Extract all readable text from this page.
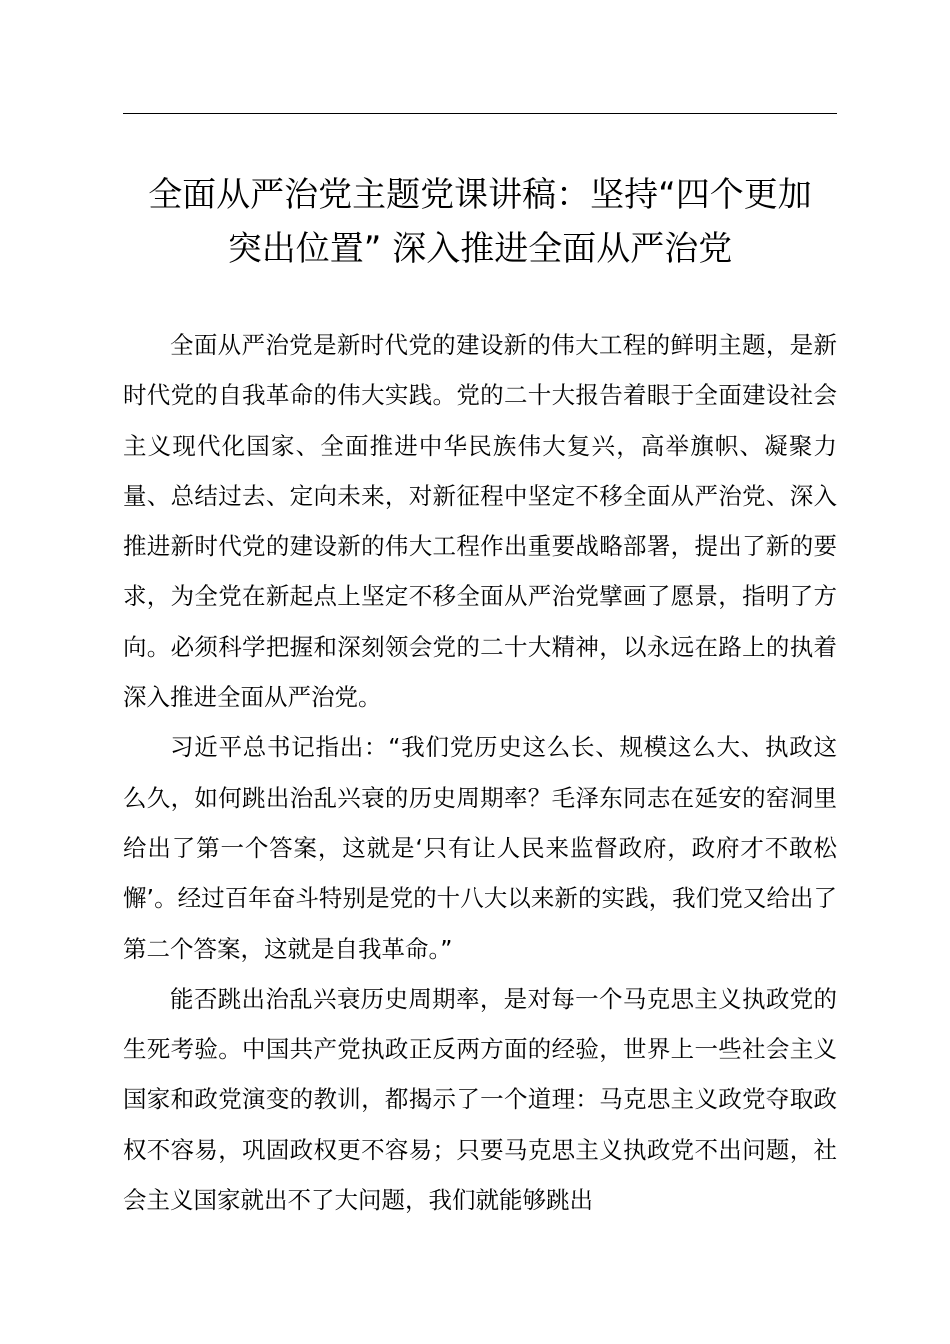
全面从严治党主题党课讲稿：坚持“四个更加
突出位置” 深入推进全面从严治党

全面从严治党是新时代党的建设新的伟大工程的鲜明主题，是新时代党的自我革命的伟大实践。党的二十大报告着眼于全面建设社会主义现代化国家、全面推进中华民族伟大复兴，高举旗帜、凝聚力量、总结过去、定向未来，对新征程中坚定不移全面从严治党、深入推进新时代党的建设新的伟大工程作出重要战略部署，提出了新的要求，为全党在新起点上坚定不移全面从严治党擘画了愿景，指明了方向。必须科学把握和深刻领会党的二十大精神，以永远在路上的执着深入推进全面从严治党。

习近平总书记指出：“我们党历史这么长、规模这么大、执政这么久，如何跳出治乱兴衰的历史周期率？毛泽东同志在延安的窑洞里给出了第一个答案，这就是‘只有让人民来监督政府，政府才不敢松懈’。经过百年奋斗特别是党的十八大以来新的实践，我们党又给出了第二个答案，这就是自我革命。”

能否跳出治乱兴衰历史周期率，是对每一个马克思主义执政党的生死考验。中国共产党执政正反两方面的经验，世界上一些社会主义国家和政党演变的教训，都揭示了一个道理：马克思主义政党夺取政权不容易，巩固政权更不容易；只要马克思主义执政党不出问题，社会主义国家就出不了大问题，我们就能够跳出
